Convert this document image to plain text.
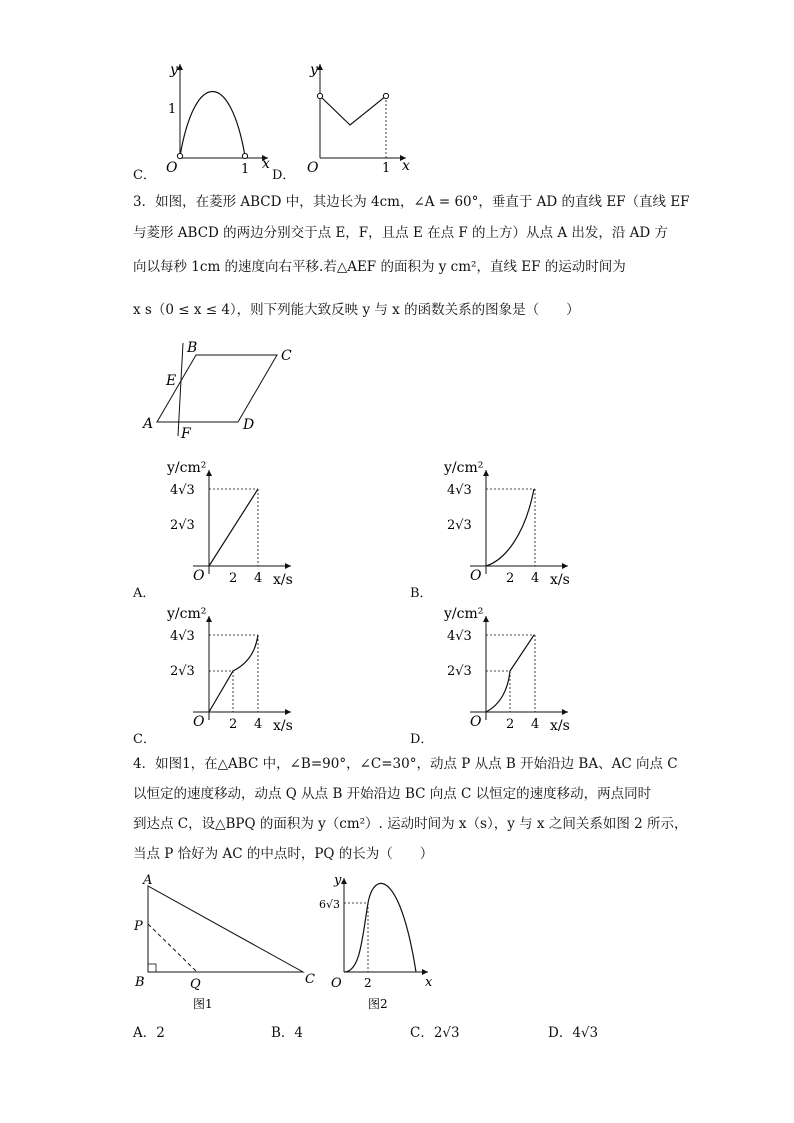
y
x
O
1
1
C．
y
x
O	1
D．
3．如图，在菱形 ABCD 中，其边长为 4cm，∠A = 60°，垂直于 AD 的直线 EF（直线 EF
与菱形 ABCD 的两边分别交于点 E，F，且点 E 在点 F 的上方）从点 A 出发，沿 AD 方
向以每秒 1cm 的速度向右平移.若△AEF 的面积为 y cm²，直线 EF 的运动时间为
x s（0 ≤ x ≤ 4），则下列能大致反映 y 与 x 的函数关系的图象是（　　）
A
B	C
D
E
F
y/cm²
4√3
2√3
O 2 4 x/s
y/cm²
4√3
2√3
O 2 4 x/s
y/cm²
4√3
2√3
O 2 4 x/s
y/cm²
4√3
2√3
O 2 4 x/s
A．	B．
C．	D．
4．如图1，在△ABC 中，∠B=90°，∠C=30°，动点 P 从点 B 开始沿边 BA、AC 向点 C
以恒定的速度移动，动点 Q 从点 B 开始沿边 BC 向点 C 以恒定的速度移动，两点同时
到达点 C，设△BPQ 的面积为 y（cm²）. 运动时间为 x（s），y 与 x 之间关系如图 2 所示，
当点 P 恰好为 AC 的中点时，PQ 的长为（　　）
A
P
B	Q	C
图1
y
x
O
6√3
2
图2
A．2	B．4	C．2√3	D．4√3
